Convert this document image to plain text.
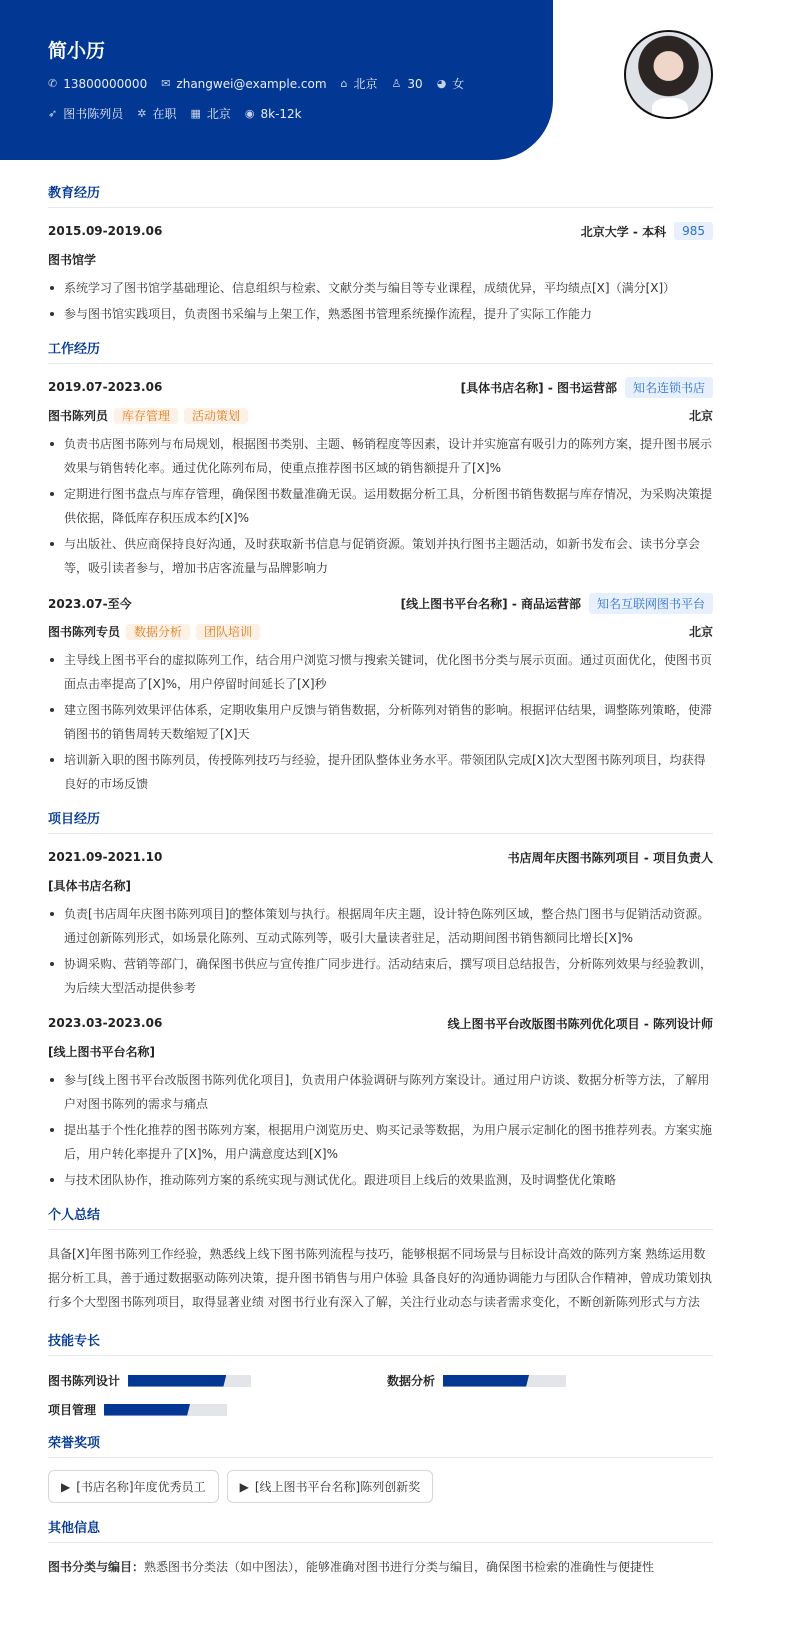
简小历
✆ 13800000000 ✉ zhangwei@example.com ⌂ 北京 ♙ 30 ◕ 女
➶ 图书陈列员 ✲ 在职 ▦ 北京 ◉ 8k-12k
教育经历
2015.09-2019.06	北京大学 - 本科	985
图书馆学
系统学习了图书馆学基础理论、信息组织与检索、文献分类与编目等专业课程，成绩优异，平均绩点[X]（满分[X]）
参与图书馆实践项目，负责图书采编与上架工作，熟悉图书管理系统操作流程，提升了实际工作能力
工作经历
2019.07-2023.06	[具体书店名称] - 图书运营部	知名连锁书店
图书陈列员 库存管理 活动策划	北京
负责书店图书陈列与布局规划，根据图书类别、主题、畅销程度等因素，设计并实施富有吸引力的陈列方案，提升图书展示效果与销售转化率。通过优化陈列布局，使重点推荐图书区域的销售额提升了[X]%
定期进行图书盘点与库存管理，确保图书数量准确无误。运用数据分析工具，分析图书销售数据与库存情况，为采购决策提供依据，降低库存积压成本约[X]%
与出版社、供应商保持良好沟通，及时获取新书信息与促销资源。策划并执行图书主题活动，如新书发布会、读书分享会等，吸引读者参与，增加书店客流量与品牌影响力
2023.07-至今	[线上图书平台名称] - 商品运营部	知名互联网图书平台
图书陈列专员 数据分析 团队培训	北京
主导线上图书平台的虚拟陈列工作，结合用户浏览习惯与搜索关键词，优化图书分类与展示页面。通过页面优化，使图书页面点击率提高了[X]%，用户停留时间延长了[X]秒
建立图书陈列效果评估体系，定期收集用户反馈与销售数据，分析陈列对销售的影响。根据评估结果，调整陈列策略，使滞销图书的销售周转天数缩短了[X]天
培训新入职的图书陈列员，传授陈列技巧与经验，提升团队整体业务水平。带领团队完成[X]次大型图书陈列项目，均获得良好的市场反馈
项目经历
2021.09-2021.10	书店周年庆图书陈列项目 - 项目负责人
[具体书店名称]
负责[书店周年庆图书陈列项目]的整体策划与执行。根据周年庆主题，设计特色陈列区域，整合热门图书与促销活动资源。通过创新陈列形式，如场景化陈列、互动式陈列等，吸引大量读者驻足，活动期间图书销售额同比增长[X]%
协调采购、营销等部门，确保图书供应与宣传推广同步进行。活动结束后，撰写项目总结报告，分析陈列效果与经验教训，为后续大型活动提供参考
2023.03-2023.06	线上图书平台改版图书陈列优化项目 - 陈列设计师
[线上图书平台名称]
参与[线上图书平台改版图书陈列优化项目]，负责用户体验调研与陈列方案设计。通过用户访谈、数据分析等方法，了解用户对图书陈列的需求与痛点
提出基于个性化推荐的图书陈列方案，根据用户浏览历史、购买记录等数据，为用户展示定制化的图书推荐列表。方案实施后，用户转化率提升了[X]%，用户满意度达到[X]%
与技术团队协作，推动陈列方案的系统实现与测试优化。跟进项目上线后的效果监测，及时调整优化策略
个人总结

具备[X]年图书陈列工作经验，熟悉线上线下图书陈列流程与技巧，能够根据不同场景与目标设计高效的陈列方案 熟练运用数据分析工具，善于通过数据驱动陈列决策，提升图书销售与用户体验 具备良好的沟通协调能力与团队合作精神，曾成功策划执行多个大型图书陈列项目，取得显著业绩 对图书行业有深入了解，关注行业动态与读者需求变化，不断创新陈列形式与方法

技能专长
图书陈列设计	数据分析
项目管理
荣誉奖项
▶ [书店名称]年度优秀员工	▶ [线上图书平台名称]陈列创新奖
其他信息

图书分类与编目：熟悉图书分类法（如中图法），能够准确对图书进行分类与编目，确保图书检索的准确性与便捷性
